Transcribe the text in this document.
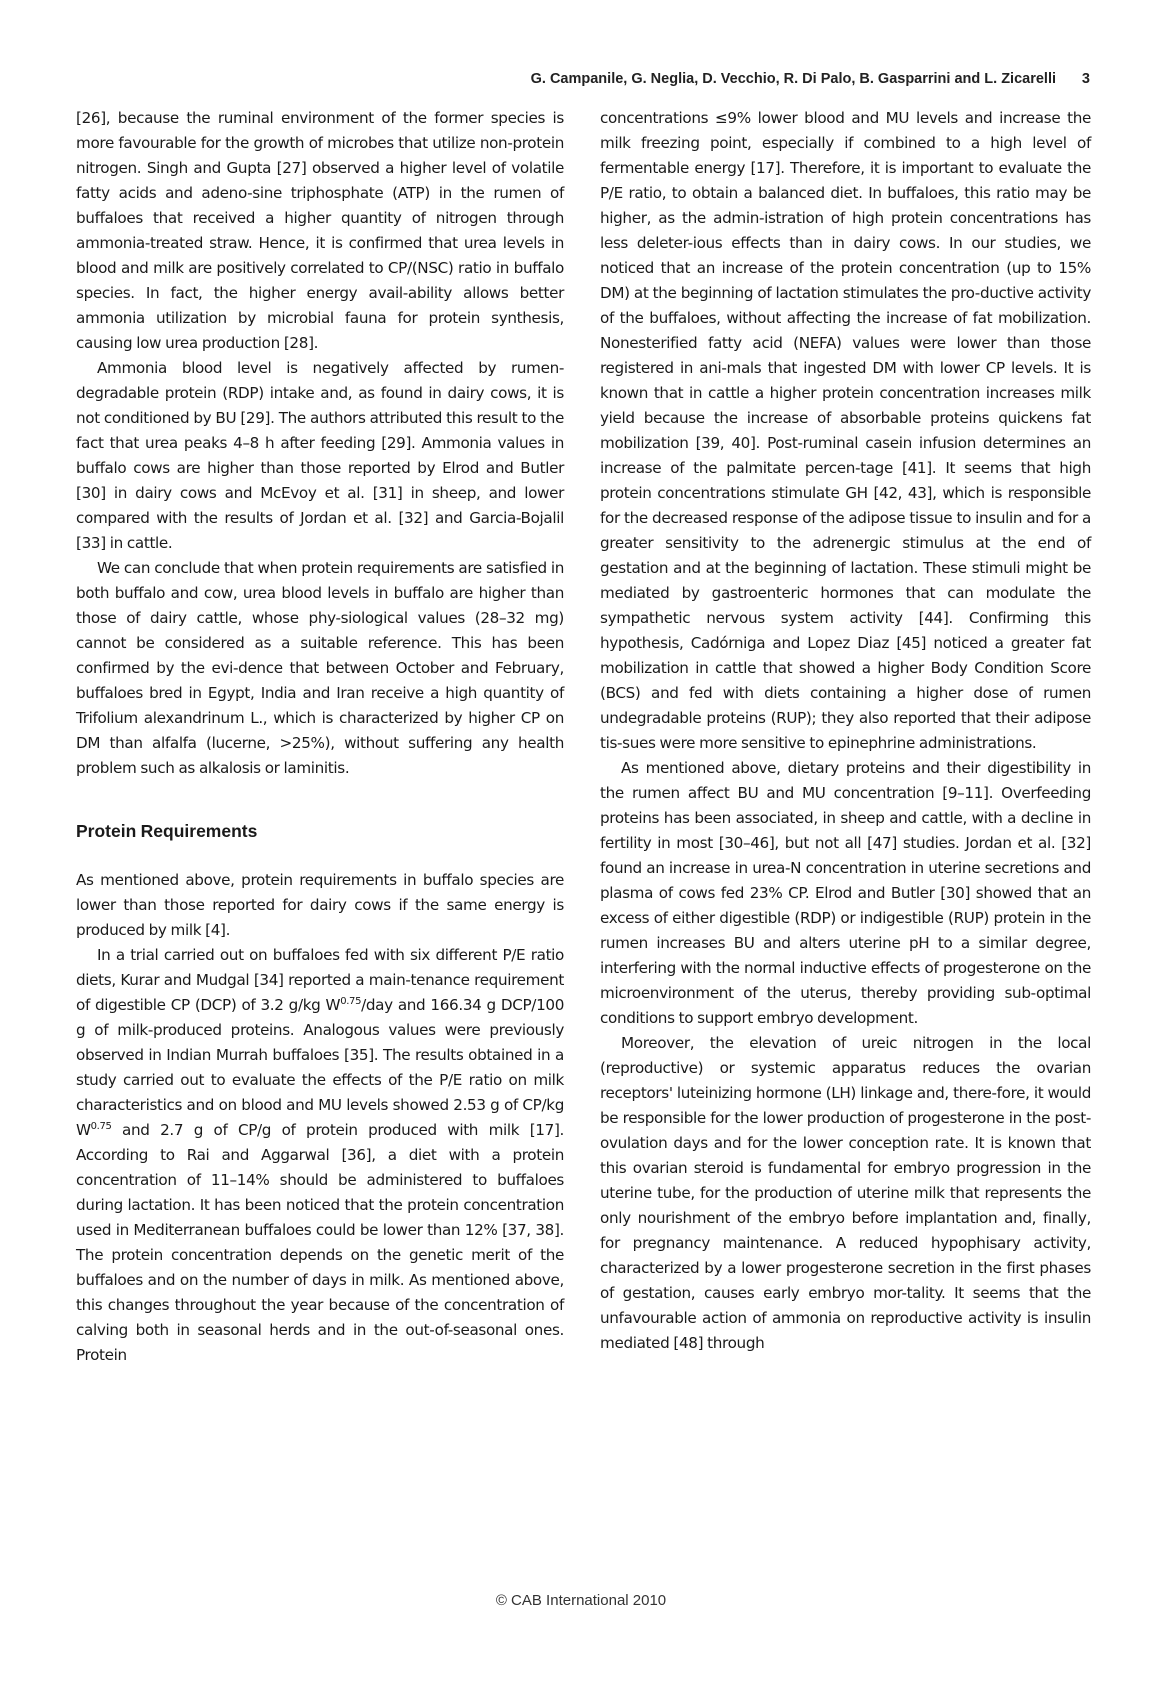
G. Campanile, G. Neglia, D. Vecchio, R. Di Palo, B. Gasparrini and L. Zicarelli 3

[26], because the ruminal environment of the former species is more favourable for the growth of microbes that utilize non-protein nitrogen. Singh and Gupta [27] observed a higher level of volatile fatty acids and adeno-sine triphosphate (ATP) in the rumen of buffaloes that received a higher quantity of nitrogen through ammonia-treated straw. Hence, it is confirmed that urea levels in blood and milk are positively correlated to CP/(NSC) ratio in buffalo species. In fact, the higher energy avail-ability allows better ammonia utilization by microbial fauna for protein synthesis, causing low urea production [28].

Ammonia blood level is negatively affected by rumen-degradable protein (RDP) intake and, as found in dairy cows, it is not conditioned by BU [29]. The authors attributed this result to the fact that urea peaks 4–8 h after feeding [29]. Ammonia values in buffalo cows are higher than those reported by Elrod and Butler [30] in dairy cows and McEvoy et al. [31] in sheep, and lower compared with the results of Jordan et al. [32] and Garcia-Bojalil [33] in cattle.

We can conclude that when protein requirements are satisfied in both buffalo and cow, urea blood levels in buffalo are higher than those of dairy cattle, whose phy-siological values (28–32 mg) cannot be considered as a suitable reference. This has been confirmed by the evi-dence that between October and February, buffaloes bred in Egypt, India and Iran receive a high quantity of Trifolium alexandrinum L., which is characterized by higher CP on DM than alfalfa (lucerne, >25%), without suffering any health problem such as alkalosis or laminitis.

Protein Requirements

As mentioned above, protein requirements in buffalo species are lower than those reported for dairy cows if the same energy is produced by milk [4].

In a trial carried out on buffaloes fed with six different P/E ratio diets, Kurar and Mudgal [34] reported a main-tenance requirement of digestible CP (DCP) of 3.2 g/kg $W^{0.75}$/day and 166.34 g DCP/100 g of milk-produced proteins. Analogous values were previously observed in Indian Murrah buffaloes [35]. The results obtained in a study carried out to evaluate the effects of the P/E ratio on milk characteristics and on blood and MU levels showed 2.53 g of CP/kg $W^{0.75}$ and 2.7 g of CP/g of protein produced with milk [17]. According to Rai and Aggarwal [36], a diet with a protein concentration of 11–14% should be administered to buffaloes during lactation. It has been noticed that the protein concentration used in Mediterranean buffaloes could be lower than 12% [37, 38]. The protein concentration depends on the genetic merit of the buffaloes and on the number of days in milk. As mentioned above, this changes throughout the year because of the concentration of calving both in seasonal herds and in the out-of-seasonal ones. Protein

concentrations ≤9% lower blood and MU levels and increase the milk freezing point, especially if combined to a high level of fermentable energy [17]. Therefore, it is important to evaluate the P/E ratio, to obtain a balanced diet. In buffaloes, this ratio may be higher, as the admin-istration of high protein concentrations has less deleter-ious effects than in dairy cows. In our studies, we noticed that an increase of the protein concentration (up to 15% DM) at the beginning of lactation stimulates the pro-ductive activity of the buffaloes, without affecting the increase of fat mobilization. Nonesterified fatty acid (NEFA) values were lower than those registered in ani-mals that ingested DM with lower CP levels. It is known that in cattle a higher protein concentration increases milk yield because the increase of absorbable proteins quickens fat mobilization [39, 40]. Post-ruminal casein infusion determines an increase of the palmitate percen-tage [41]. It seems that high protein concentrations stimulate GH [42, 43], which is responsible for the decreased response of the adipose tissue to insulin and for a greater sensitivity to the adrenergic stimulus at the end of gestation and at the beginning of lactation. These stimuli might be mediated by gastroenteric hormones that can modulate the sympathetic nervous system activity [44]. Confirming this hypothesis, Cadórniga and Lopez Diaz [45] noticed a greater fat mobilization in cattle that showed a higher Body Condition Score (BCS) and fed with diets containing a higher dose of rumen undegradable proteins (RUP); they also reported that their adipose tis-sues were more sensitive to epinephrine administrations.

As mentioned above, dietary proteins and their digestibility in the rumen affect BU and MU concentration [9–11]. Overfeeding proteins has been associated, in sheep and cattle, with a decline in fertility in most [30–46], but not all [47] studies. Jordan et al. [32] found an increase in urea-N concentration in uterine secretions and plasma of cows fed 23% CP. Elrod and Butler [30] showed that an excess of either digestible (RDP) or indigestible (RUP) protein in the rumen increases BU and alters uterine pH to a similar degree, interfering with the normal inductive effects of progesterone on the microenvironment of the uterus, thereby providing sub-optimal conditions to support embryo development.

Moreover, the elevation of ureic nitrogen in the local (reproductive) or systemic apparatus reduces the ovarian receptors' luteinizing hormone (LH) linkage and, there-fore, it would be responsible for the lower production of progesterone in the post-ovulation days and for the lower conception rate. It is known that this ovarian steroid is fundamental for embryo progression in the uterine tube, for the production of uterine milk that represents the only nourishment of the embryo before implantation and, finally, for pregnancy maintenance. A reduced hypophisary activity, characterized by a lower progesterone secretion in the first phases of gestation, causes early embryo mor-tality. It seems that the unfavourable action of ammonia on reproductive activity is insulin mediated [48] through

© CAB International 2010
